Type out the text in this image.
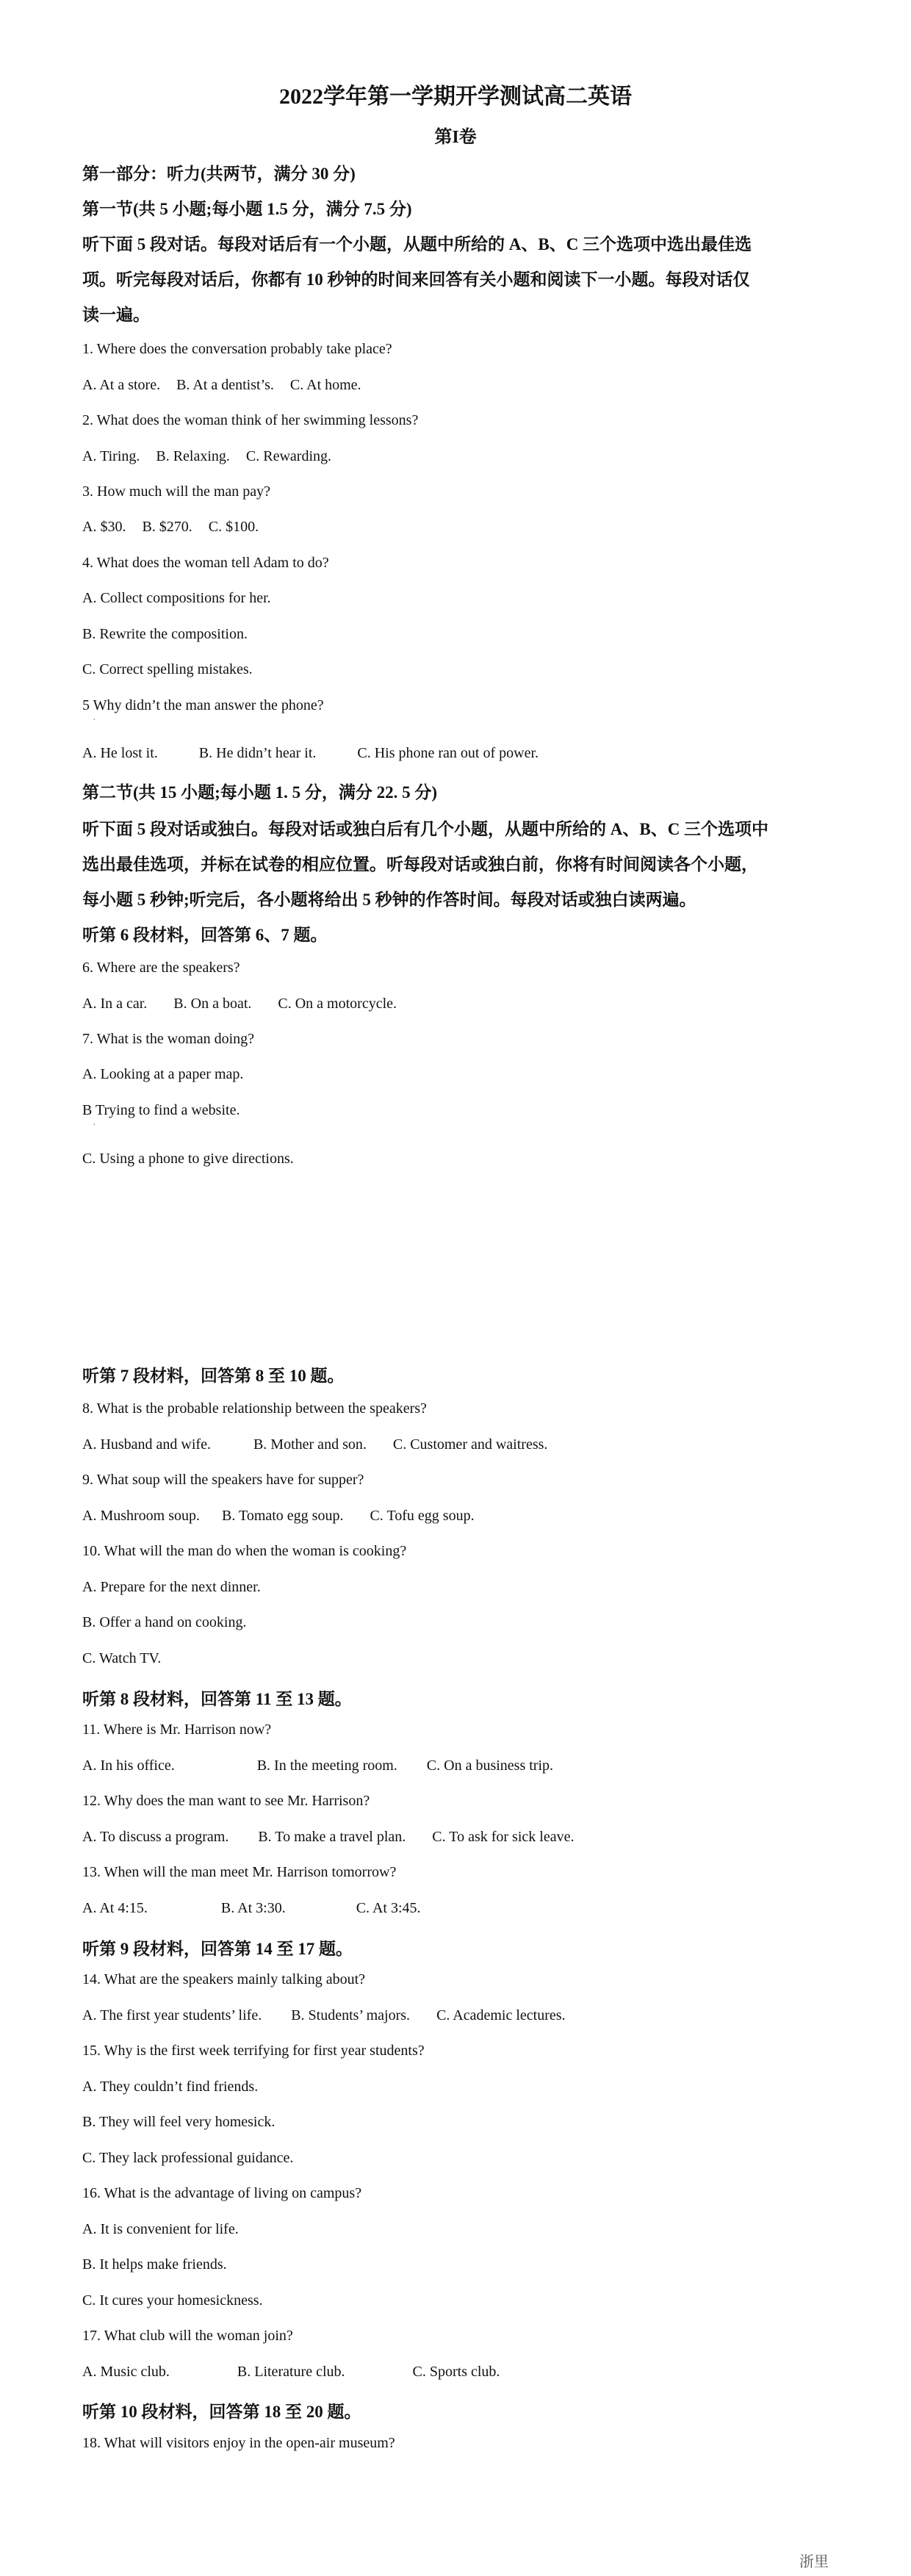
2022学年第一学期开学测试高二英语

第I卷

第一部分：听力(共两节，满分 30 分)

第一节(共 5 小题;每小题 1.5 分，满分 7.5 分)

听下面 5 段对话。每段对话后有一个小题，从题中所给的 A、B、C 三个选项中选出最佳选

项。听完每段对话后，你都有 10 秒钟的时间来回答有关小题和阅读下一小题。每段对话仅

读一遍。

1. Where does the conversation probably take place?

A. At a store. B. At a dentist’s. C. At home.

2. What does the woman think of her swimming lessons?

A. Tiring. B. Relaxing. C. Rewarding.

3. How much will the man pay?

A. $30. B. $270. C. $100.

4. What does the woman tell Adam to do?

A. Collect compositions for her.

B. Rewrite the composition.

C. Correct spelling mistakes.

5 Why didn’t the man answer the phone?

·

A. He lost it.	B. He didn’t hear it.	C. His phone ran out of power.

第二节(共 15 小题;每小题 1. 5 分，满分 22. 5 分)

听下面 5 段对话或独白。每段对话或独白后有几个小题，从题中所给的 A、B、C 三个选项中

选出最佳选项，并标在试卷的相应位置。听每段对话或独白前，你将有时间阅读各个小题，

每小题 5 秒钟;听完后，各小题将给出 5 秒钟的作答时间。每段对话或独白读两遍。

听第 6 段材料，回答第 6、7 题。

6. Where are the speakers?

A. In a car. B. On a boat. C. On a motorcycle.

7. What is the woman doing?

A. Looking at a paper map.

B Trying to find a website.

·

C. Using a phone to give directions.

听第 7 段材料，回答第 8 至 10 题。

8. What is the probable relationship between the speakers?

A. Husband and wife.	B. Mother and son. C. Customer and waitress.

9. What soup will the speakers have for supper?

A. Mushroom soup. B. Tomato egg soup. C. Tofu egg soup.

10. What will the man do when the woman is cooking?

A. Prepare for the next dinner.

B. Offer a hand on cooking.

C. Watch TV.

听第 8 段材料，回答第 11 至 13 题。

11. Where is Mr. Harrison now?

A. In his office.	B. In the meeting room. C. On a business trip.

12. Why does the man want to see Mr. Harrison?

A. To discuss a program. B. To make a travel plan. C. To ask for sick leave.

13. When will the man meet Mr. Harrison tomorrow?

A. At 4:15.	B. At 3:30.	C. At 3:45.

听第 9 段材料，回答第 14 至 17 题。

14. What are the speakers mainly talking about?

A. The first year students’ life. B. Students’ majors. C. Academic lectures.

15. Why is the first week terrifying for first year students?

A. They couldn’t find friends.

B. They will feel very homesick.

C. They lack professional guidance.

16. What is the advantage of living on campus?

A. It is convenient for life.

B. It helps make friends.

C. It cures your homesickness.

17. What club will the woman join?

A. Music club.	B. Literature club.	C. Sports club.

听第 10 段材料，回答第 18 至 20 题。

18. What will visitors enjoy in the open-air museum?

浙里
